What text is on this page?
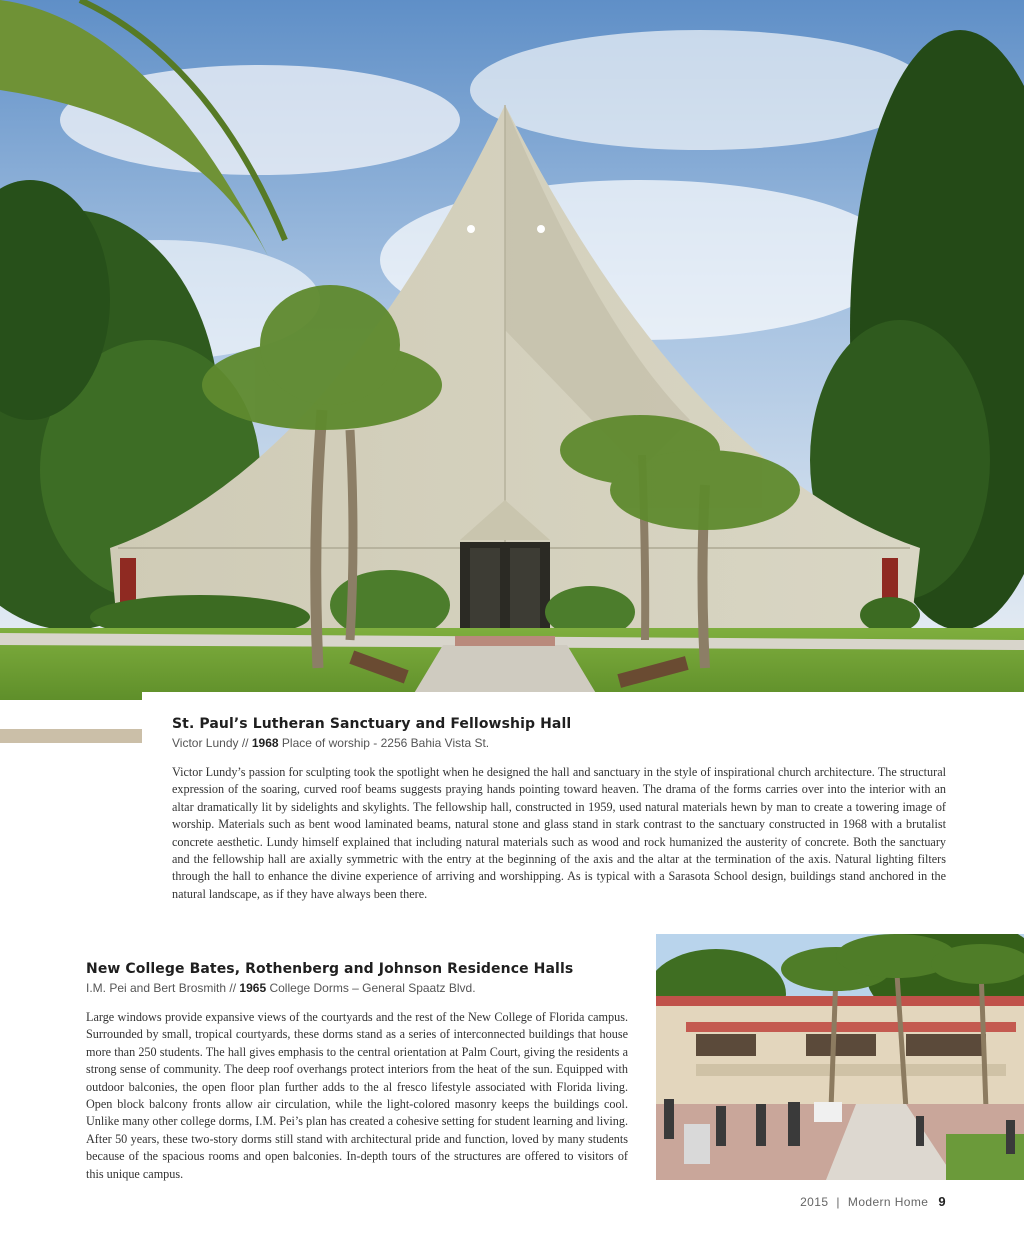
St. Paul’s Lutheran Sanctuary and Fellowship Hall
Victor Lundy // 1968 Place of worship - 2256 Bahia Vista St.

Victor Lundy’s passion for sculpting took the spotlight when he designed the hall and sanctuary in the style of inspirational church architecture. The structural expression of the soaring, curved roof beams suggests praying hands pointing toward heaven. The drama of the forms carries over into the interior with an altar dramatically lit by sidelights and skylights. The fellowship hall, constructed in 1959, used natural materials hewn by man to create a towering image of worship. Materials such as bent wood laminated beams, natural stone and glass stand in stark contrast to the sanctuary constructed in 1968 with a brutalist concrete aesthetic. Lundy himself explained that including natural materials such as wood and rock humanized the austerity of concrete. Both the sanctuary and the fellowship hall are axially symmetric with the entry at the beginning of the axis and the altar at the termination of the axis. Natural lighting filters through the hall to enhance the divine experience of arriving and worshipping. As is typical with a Sarasota School design, buildings stand anchored in the natural landscape, as if they have always been there.

New College Bates, Rothenberg and Johnson Residence Halls
I.M. Pei and Bert Brosmith // 1965 College Dorms – General Spaatz Blvd.

Large windows provide expansive views of the courtyards and the rest of the New College of Florida campus. Surrounded by small, tropical courtyards, these dorms stand as a series of interconnected buildings that house more than 250 students. The hall gives emphasis to the central orientation at Palm Court, giving the residents a strong sense of community. The deep roof overhangs protect interiors from the heat of the sun. Equipped with outdoor balconies, the open floor plan further adds to the al fresco lifestyle associated with Florida living. Open block balcony fronts allow air circulation, while the light-colored masonry keeps the buildings cool. Unlike many other college dorms, I.M. Pei’s plan has created a cohesive setting for student learning and living. After 50 years, these two-story dorms still stand with architectural pride and function, loved by many students because of the spacious rooms and open balconies. In-depth tours of the structures are offered to visitors of this unique campus.

2015 | Modern Home 9
